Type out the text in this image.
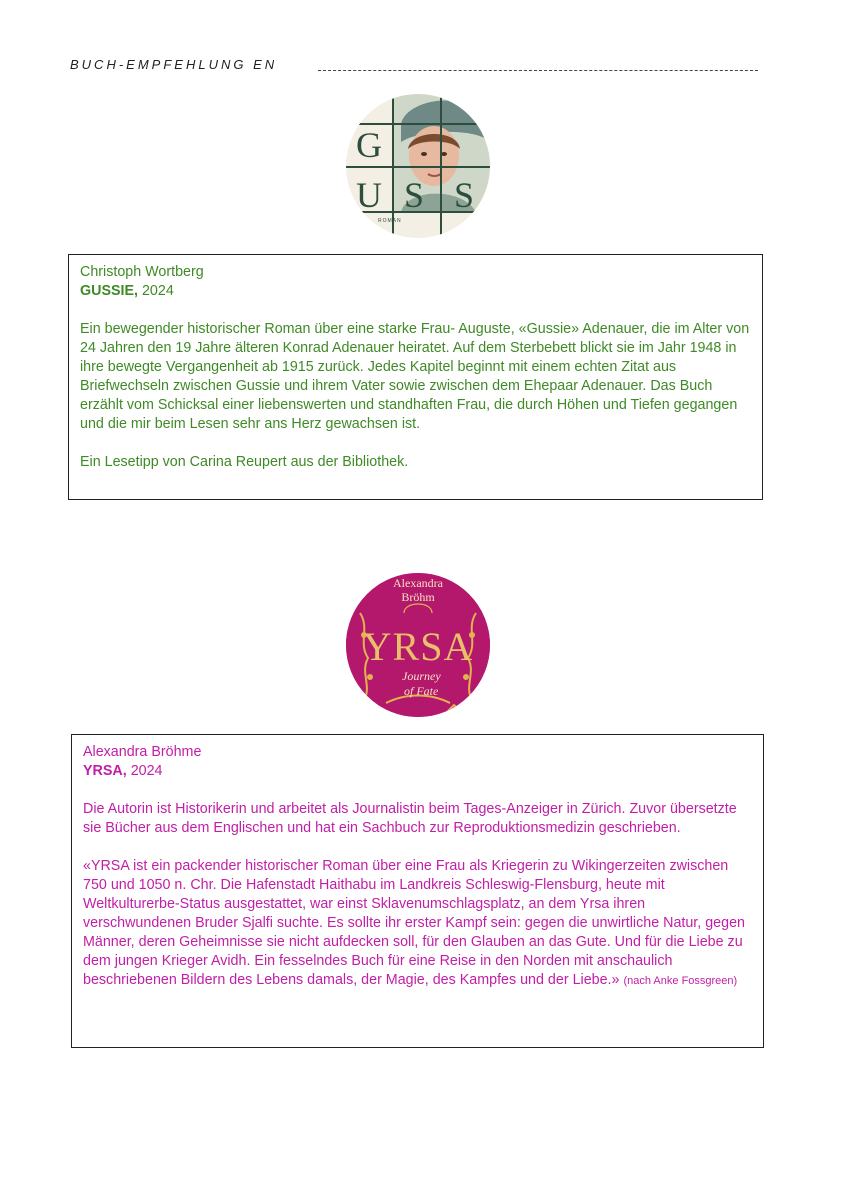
BUCH-EMPFEHLUNG EN
G
U S S
ROMAN

Christoph Wortberg

GUSSIE, 2024

Ein bewegender historischer Roman über eine starke Frau- Auguste, «Gussie» Adenauer, die im Alter von 24 Jahren den 19 Jahre älteren Konrad Adenauer heiratet. Auf dem Sterbebett blickt sie im Jahr 1948 in ihre bewegte Vergangenheit ab 1915 zurück. Jedes Kapitel beginnt mit einem echten Zitat aus Briefwechseln zwischen Gussie und ihrem Vater sowie zwischen dem Ehepaar Adenauer. Das Buch erzählt vom Schicksal einer liebenswerten und standhaften Frau, die durch Höhen und Tiefen gegangen und die mir beim Lesen sehr ans Herz gewachsen ist.

Ein Lesetipp von Carina Reupert aus der Bibliothek.

Alexandra
Bröhm
YRSA
Journey
of Fate

Alexandra Bröhme

YRSA, 2024

Die Autorin ist Historikerin und arbeitet als Journalistin beim Tages-Anzeiger in Zürich. Zuvor übersetzte sie Bücher aus dem Englischen und hat ein Sachbuch zur Reproduktionsmedizin geschrieben.

«YRSA ist ein packender historischer Roman über eine Frau als Kriegerin zu Wikingerzeiten zwischen 750 und 1050 n. Chr. Die Hafenstadt Haithabu im Landkreis Schleswig-Flensburg, heute mit Weltkulturerbe-Status ausgestattet, war einst Sklavenumschlagsplatz, an dem Yrsa ihren verschwundenen Bruder Sjalfi suchte. Es sollte ihr erster Kampf sein: gegen die unwirtliche Natur, gegen Männer, deren Geheimnisse sie nicht aufdecken soll, für den Glauben an das Gute. Und für die Liebe zu dem jungen Krieger Avidh. Ein fesselndes Buch für eine Reise in den Norden mit anschaulich beschriebenen Bildern des Lebens damals, der Magie, des Kampfes und der Liebe.» (nach Anke Fossgreen)
